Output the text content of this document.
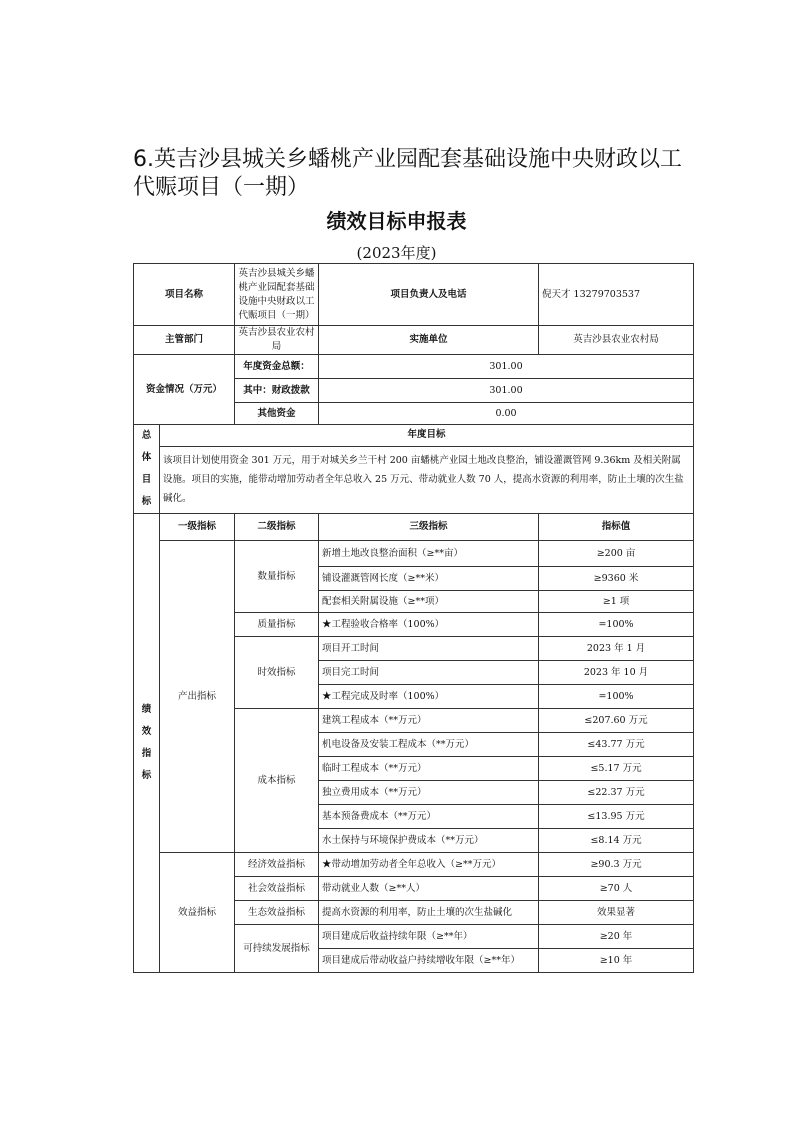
6.英吉沙县城关乡蟠桃产业园配套基础设施中央财政以工代赈项目（一期）
绩效目标申报表
(2023年度)
项目名称		英吉沙县城关乡蟠桃产业园配套基础设施中央财政以工代赈项目（一期）	项目负责人及电话	倪天才 13279703537
主管部门		英吉沙县农业农村局	实施单位	英吉沙县农业农村局
资金情况（万元）		年度资金总额：	301.00	
		其中：财政拨款	301.00	
		其他资金	0.00	
总
体
目
标	年度目标			
	该项目计划使用资金 301 万元，用于对城关乡兰干村 200 亩蟠桃产业园土地改良整治，铺设灌溉管网 9.36km 及相关附属设施。项目的实施，能带动增加劳动者全年总收入 25 万元、带动就业人数 70 人，提高水资源的利用率，防止土壤的次生盐碱化。			
绩
效
指
标	一级指标	二级指标	三级指标	指标值
	产出指标	数量指标	新增土地改良整治面积（≥**亩）	≥200 亩
			铺设灌溉管网长度（≥**米）	≥9360 米
			配套相关附属设施（≥**项）	≥1 项
		质量指标	★工程验收合格率（100%）	=100%
		时效指标	项目开工时间	2023 年 1 月
			项目完工时间	2023 年 10 月
			★工程完成及时率（100%）	=100%
		成本指标	建筑工程成本（**万元）	≤207.60 万元
			机电设备及安装工程成本（**万元）	≤43.77 万元
			临时工程成本（**万元）	≤5.17 万元
			独立费用成本（**万元）	≤22.37 万元
			基本预备费成本（**万元）	≤13.95 万元
			水土保持与环境保护费成本（**万元）	≤8.14 万元
	效益指标	经济效益指标	★带动增加劳动者全年总收入（≥**万元）	≥90.3 万元
		社会效益指标	带动就业人数（≥**人）	≥70 人
		生态效益指标	提高水资源的利用率，防止土壤的次生盐碱化	效果显著
		可持续发展指标	项目建成后收益持续年限（≥**年）	≥20 年
			项目建成后带动收益户持续增收年限（≥**年）	≥10 年
